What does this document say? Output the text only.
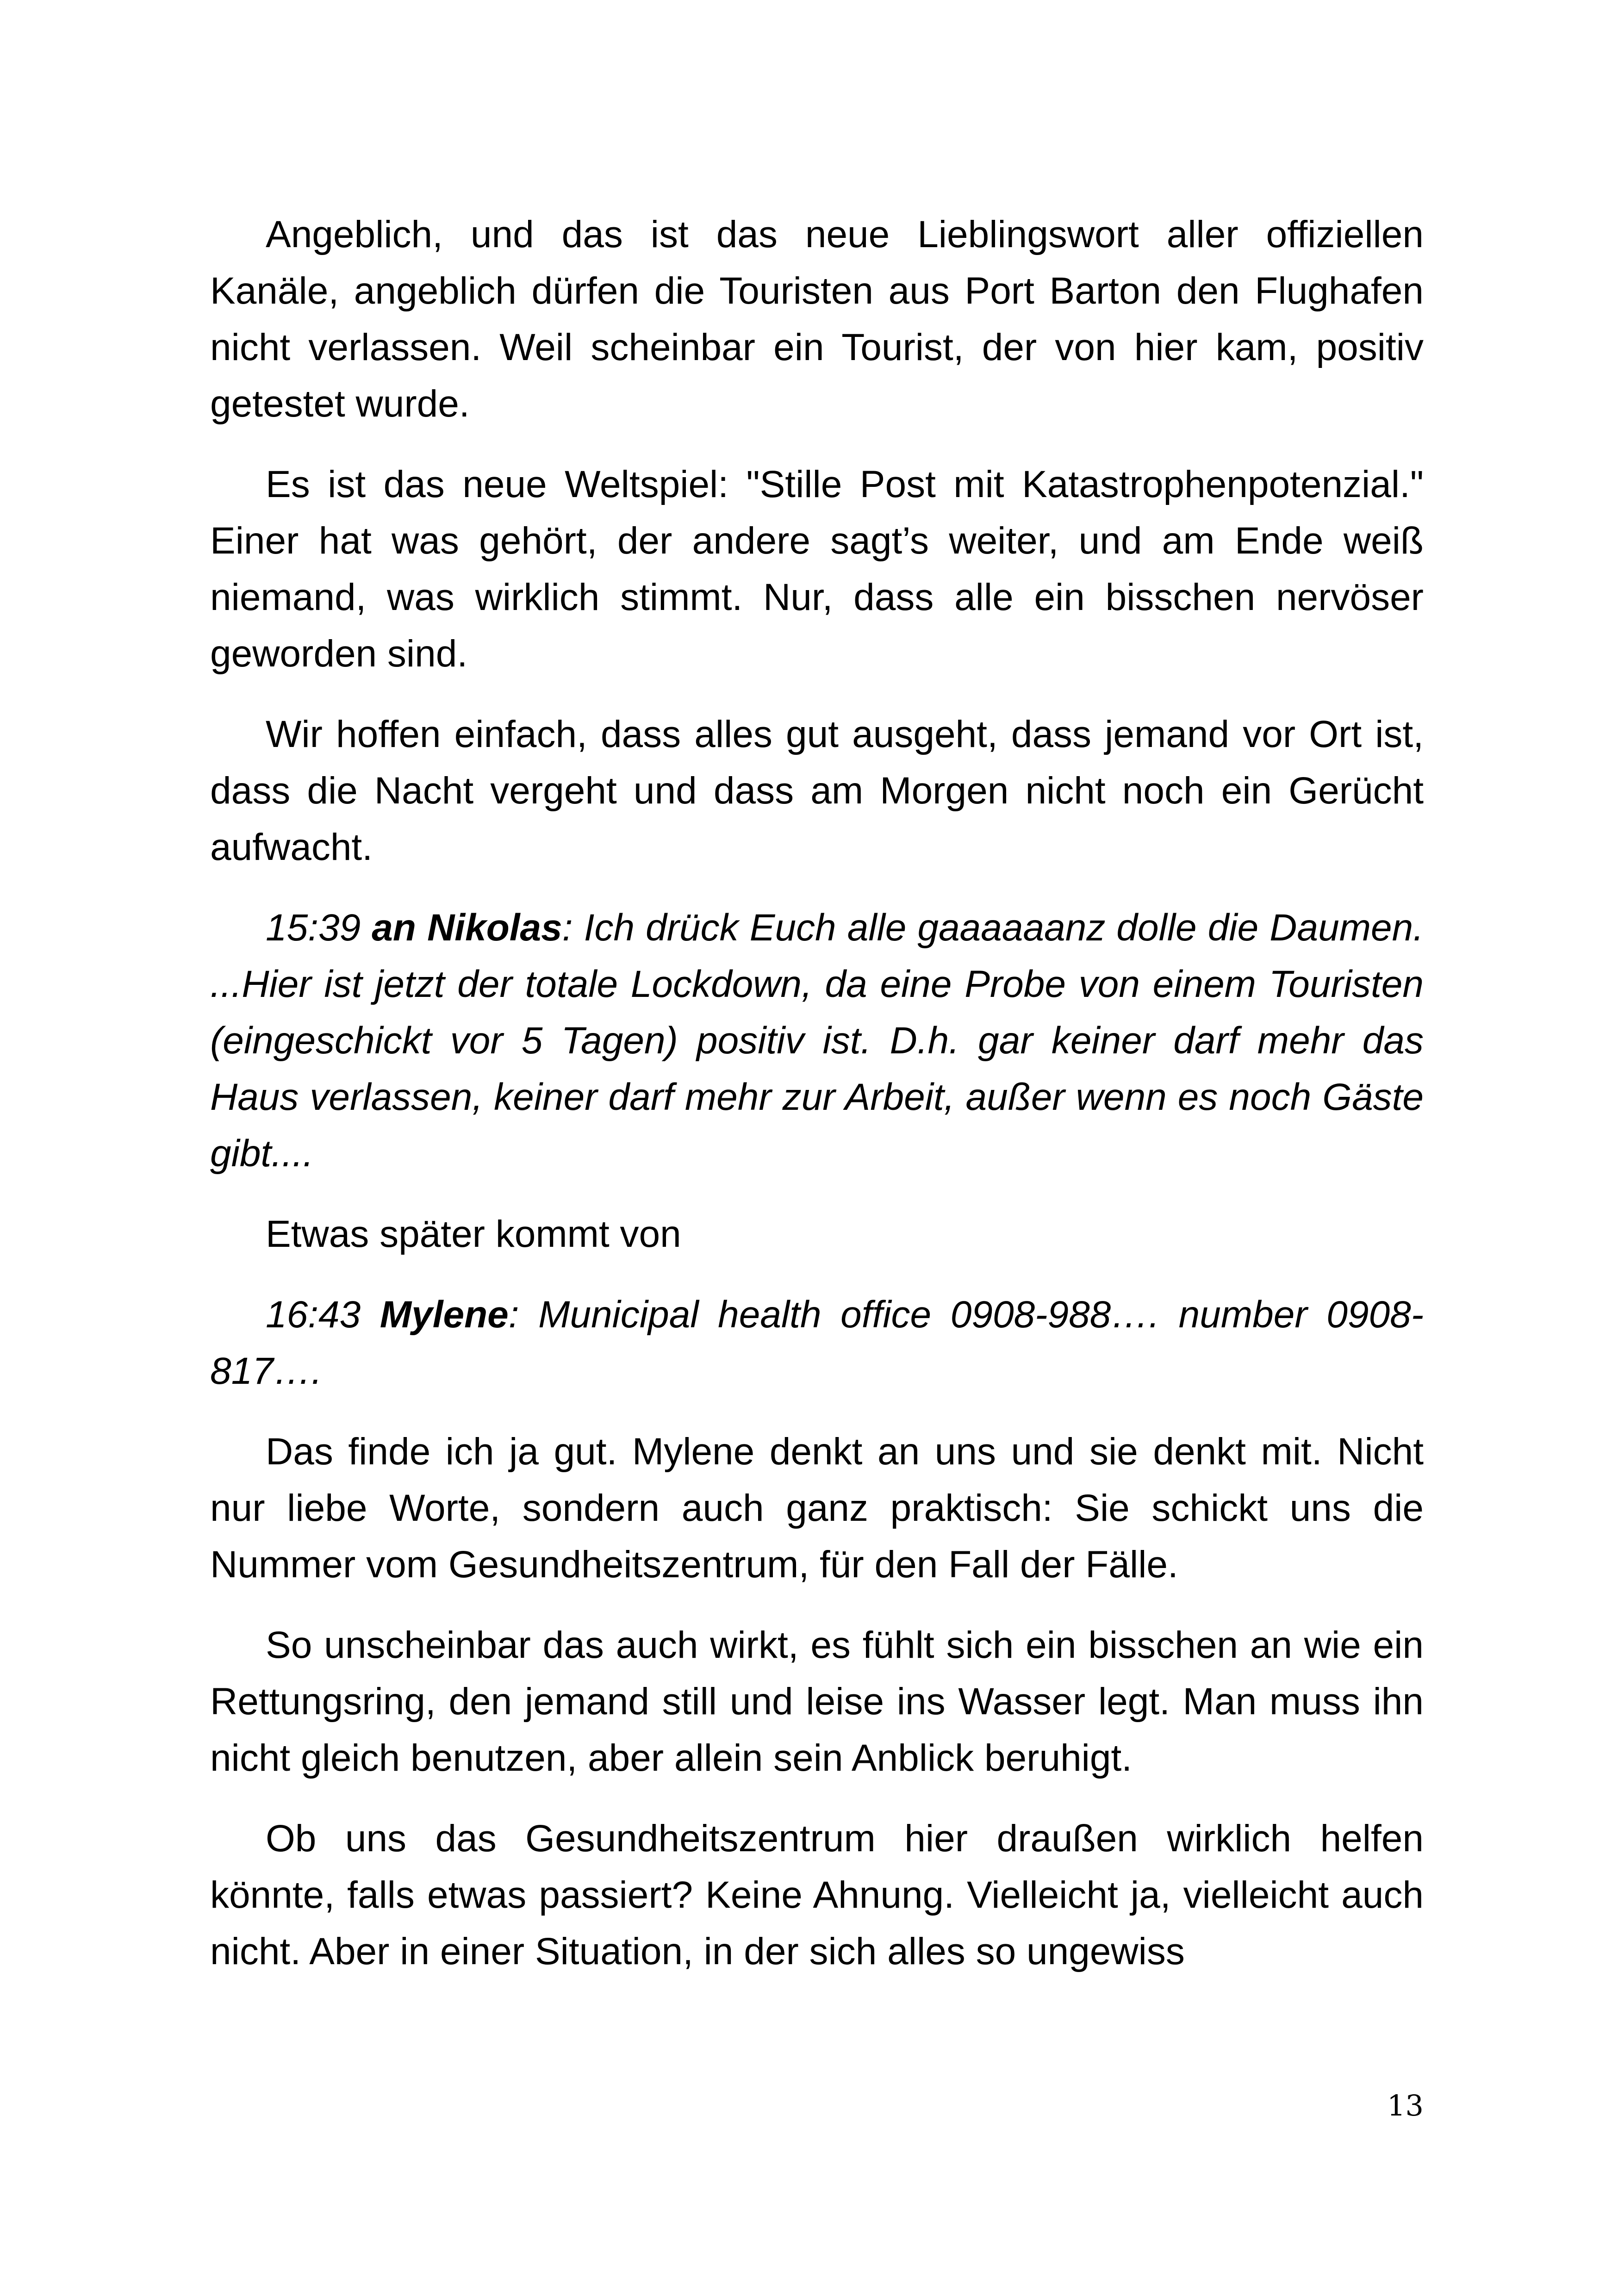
Angeblich, und das ist das neue Lieblingswort aller offiziellen Kanäle, angeblich dürfen die Touristen aus Port Barton den Flughafen nicht verlassen. Weil scheinbar ein Tourist, der von hier kam, positiv getestet wurde.

Es ist das neue Weltspiel: "Stille Post mit Katastrophenpotenzial." Einer hat was gehört, der andere sagt’s weiter, und am Ende weiß niemand, was wirklich stimmt. Nur, dass alle ein bisschen nervöser geworden sind.

Wir hoffen einfach, dass alles gut ausgeht, dass jemand vor Ort ist, dass die Nacht vergeht und dass am Morgen nicht noch ein Gerücht aufwacht.

15:39 an Nikolas: Ich drück Euch alle gaaaaaanz dolle die Daumen. ...Hier ist jetzt der totale Lockdown, da eine Probe von einem Touristen (eingeschickt vor 5 Tagen) positiv ist. D.h. gar keiner darf mehr das Haus verlassen, keiner darf mehr zur Arbeit, außer wenn es noch Gäste gibt....

Etwas später kommt von

16:43 Mylene: Municipal health office 0908-988…. number 0908-817….

Das finde ich ja gut. Mylene denkt an uns und sie denkt mit. Nicht nur liebe Worte, sondern auch ganz praktisch: Sie schickt uns die Nummer vom Gesundheitszentrum, für den Fall der Fälle.

So unscheinbar das auch wirkt, es fühlt sich ein bisschen an wie ein Rettungsring, den jemand still und leise ins Wasser legt. Man muss ihn nicht gleich benutzen, aber allein sein Anblick beruhigt.

Ob uns das Gesundheitszentrum hier draußen wirklich helfen könnte, falls etwas passiert? Keine Ahnung. Vielleicht ja, vielleicht auch nicht. Aber in einer Situation, in der sich alles so ungewiss

13
